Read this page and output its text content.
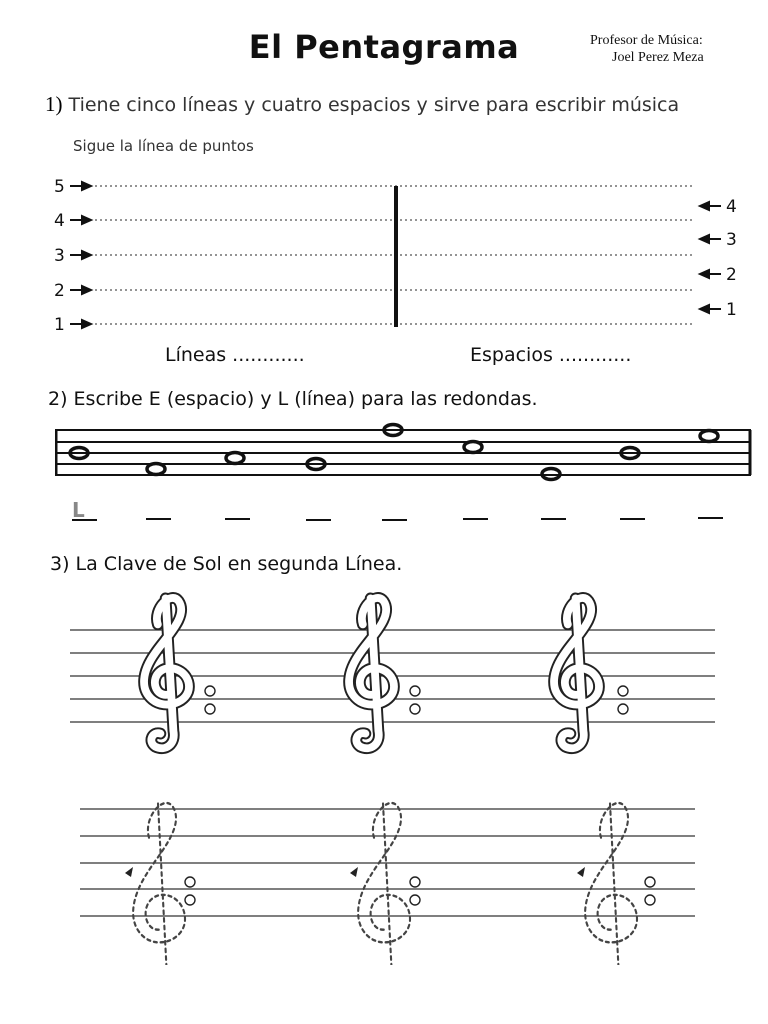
El Pentagrama	Profesor de Música:
Joel Perez Meza
1) Tiene cinco líneas y cuatro espacios y sirve para escribir música
Sigue la línea de puntos
5
4
3
2
1
4
3
2
1
Líneas ............	Espacios ............
2) Escribe E (espacio) y L (línea) para las redondas.
L
3) La Clave de Sol en segunda Línea.
